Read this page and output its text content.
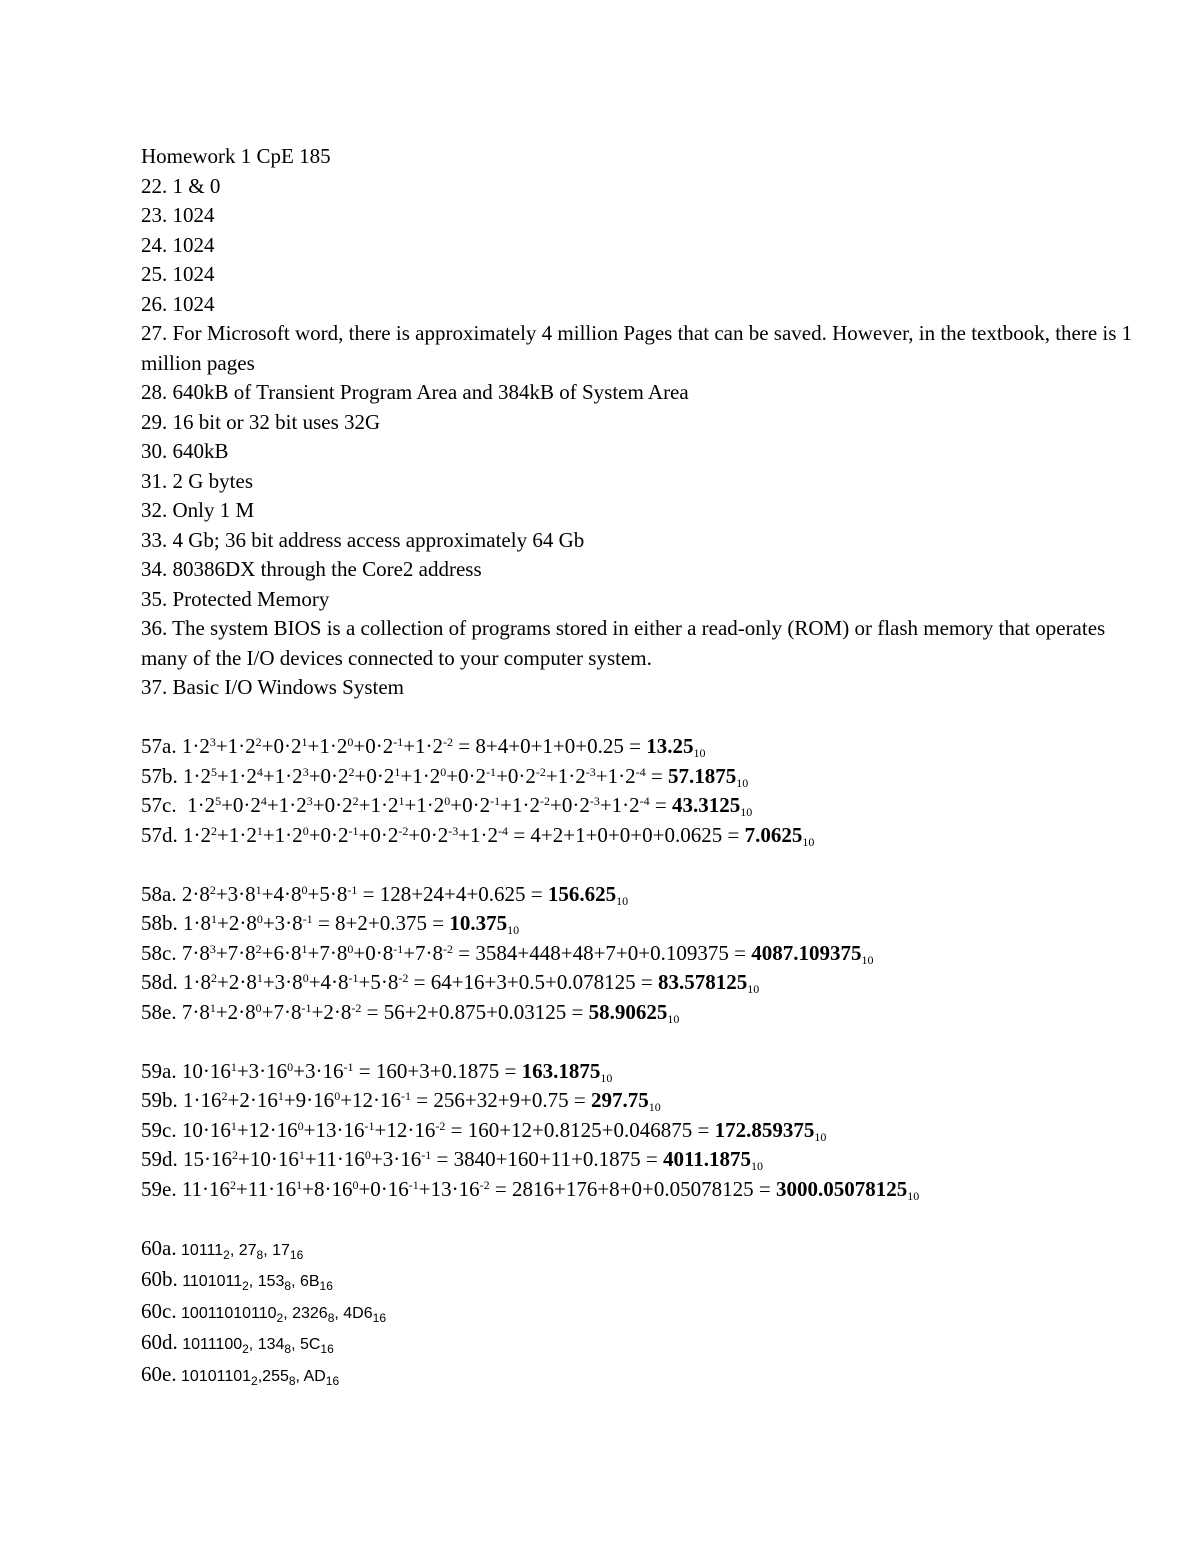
Homework 1 CpE 185
22. 1 & 0
23. 1024
24. 1024
25. 1024
26. 1024
27. For Microsoft word, there is approximately 4 million Pages that can be saved. However, in the textbook, there is 1 million pages
28. 640kB of Transient Program Area and 384kB of System Area
29. 16 bit or 32 bit uses 32G
30. 640kB
31. 2 G bytes
32. Only 1 M
33. 4 Gb; 36 bit address access approximately 64 Gb
34. 80386DX through the Core2 address
35. Protected Memory
36. The system BIOS is a collection of programs stored in either a read-only (ROM) or flash memory that operates many of the I/O devices connected to your computer system.
37. Basic I/O Windows System
57a. $1\cdot 2^3+1\cdot 2^2+0\cdot 2^1+1\cdot 2^0+0\cdot 2^{-1}+1\cdot 2^{-2} = 8+4+0+1+0+0.25 = 13.25_{10}$
57b. $1\cdot 2^5+1\cdot 2^4+1\cdot 2^3+0\cdot 2^2+0\cdot 2^1+1\cdot 2^0+0\cdot 2^{-1}+0\cdot 2^{-2}+1\cdot 2^{-3}+1\cdot 2^{-4} = 57.1875_{10}$
57c.  $1\cdot 2^5+0\cdot 2^4+1\cdot 2^3+0\cdot 2^2+1\cdot 2^1+1\cdot 2^0+0\cdot 2^{-1}+1\cdot 2^{-2}+0\cdot 2^{-3}+1\cdot 2^{-4} = 43.3125_{10}$
57d. $1\cdot 2^2+1\cdot 2^1+1\cdot 2^0+0\cdot 2^{-1}+0\cdot 2^{-2}+0\cdot 2^{-3}+1\cdot 2^{-4} = 4+2+1+0+0+0+0.0625 = 7.0625_{10}$
58a. $2\cdot 8^2+3\cdot 8^1+4\cdot 8^0+5\cdot 8^{-1} = 128+24+4+0.625 = 156.625_{10}$
58b. $1\cdot 8^1+2\cdot 8^0+3\cdot 8^{-1} = 8+2+0.375 = 10.375_{10}$
58c. $7\cdot 8^3+7\cdot 8^2+6\cdot 8^1+7\cdot 8^0+0\cdot 8^{-1}+7\cdot 8^{-2} = 3584+448+48+7+0+0.109375 = 4087.109375_{10}$
58d. $1\cdot 8^2+2\cdot 8^1+3\cdot 8^0+4\cdot 8^{-1}+5\cdot 8^{-2} = 64+16+3+0.5+0.078125 = 83.578125_{10}$
58e. $7\cdot 8^1+2\cdot 8^0+7\cdot 8^{-1}+2\cdot 8^{-2} = 56+2+0.875+0.03125 = 58.90625_{10}$
59a. $10\cdot 16^1+3\cdot 16^0+3\cdot 16^{-1} = 160+3+0.1875 = 163.1875_{10}$
59b. $1\cdot 16^2+2\cdot 16^1+9\cdot 16^0+12\cdot 16^{-1} = 256+32+9+0.75 = 297.75_{10}$
59c. $10\cdot 16^1+12\cdot 16^0+13\cdot 16^{-1}+12\cdot 16^{-2} = 160+12+0.8125+0.046875 = 172.859375_{10}$
59d. $15\cdot 16^2+10\cdot 16^1+11\cdot 16^0+3\cdot 16^{-1} = 3840+160+11+0.1875 = 4011.1875_{10}$
59e. $11\cdot 16^2+11\cdot 16^1+8\cdot 16^0+0\cdot 16^{-1}+13\cdot 16^{-2} = 2816+176+8+0+0.05078125 = 3000.05078125_{10}$
60a. $10111_2$, $27_8$, $17_{16}$
60b. $1101011_2$, $153_8$, $6B_{16}$
60c. $10011010110_2$, $2326_8$, $4D6_{16}$
60d. $1011100_2$, $134_8$, $5C_{16}$
60e. $10101101_2,255_8$, $AD_{16}$
